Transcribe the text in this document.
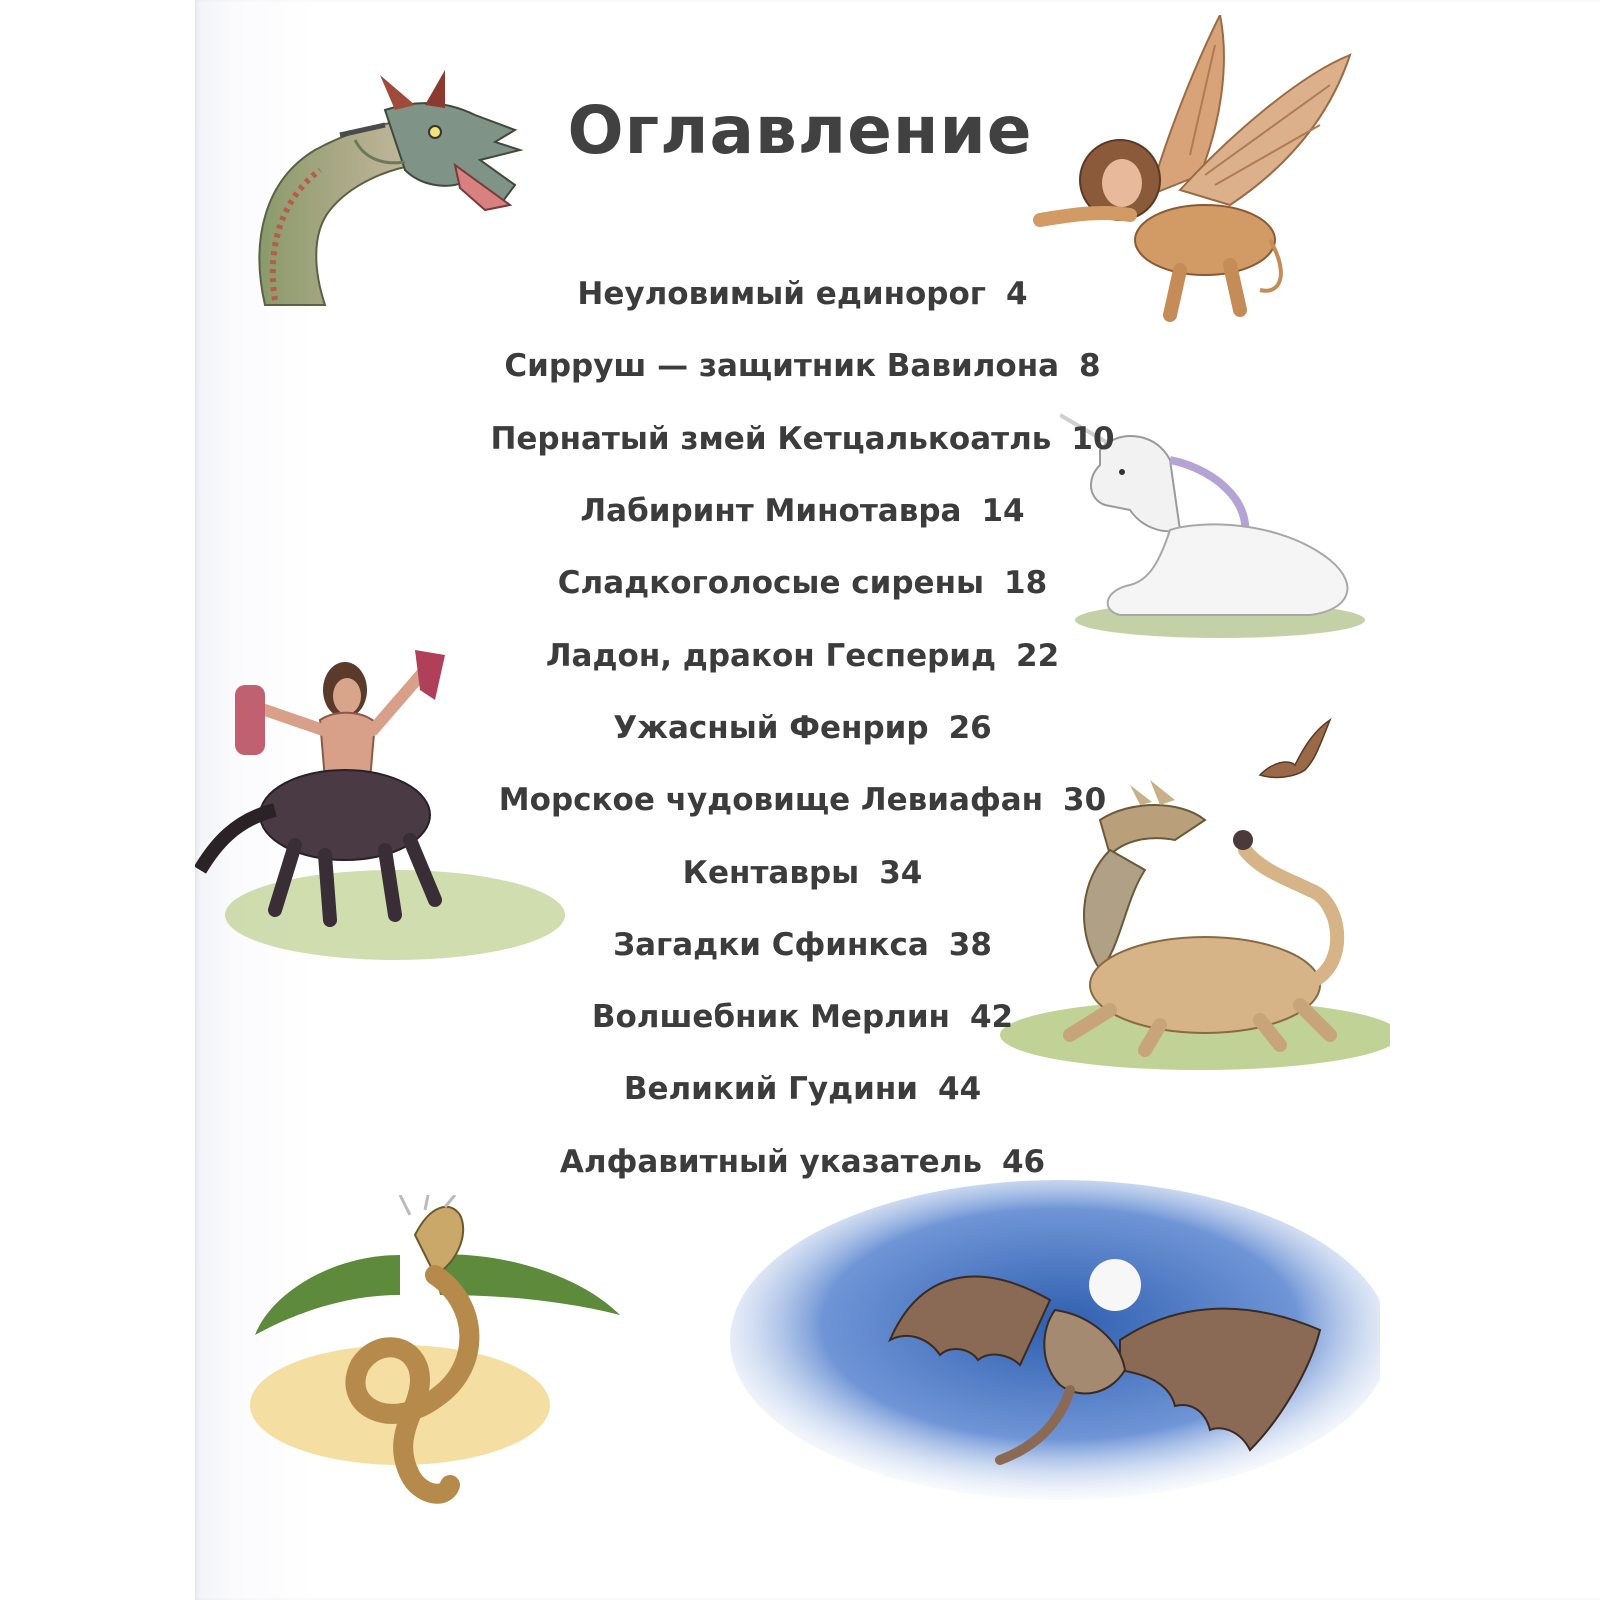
Оглавление
Неуловимый единорог 4
Сирруш — защитник Вавилона 8
Пернатый змей Кетцалькоатль 10
Лабиринт Минотавра 14
Сладкоголосые сирены 18
Ладон, дракон Гесперид 22
Ужасный Фенрир 26
Морское чудовище Левиафан 30
Кентавры 34
Загадки Сфинкса 38
Волшебник Мерлин 42
Великий Гудини 44
Алфавитный указатель 46
